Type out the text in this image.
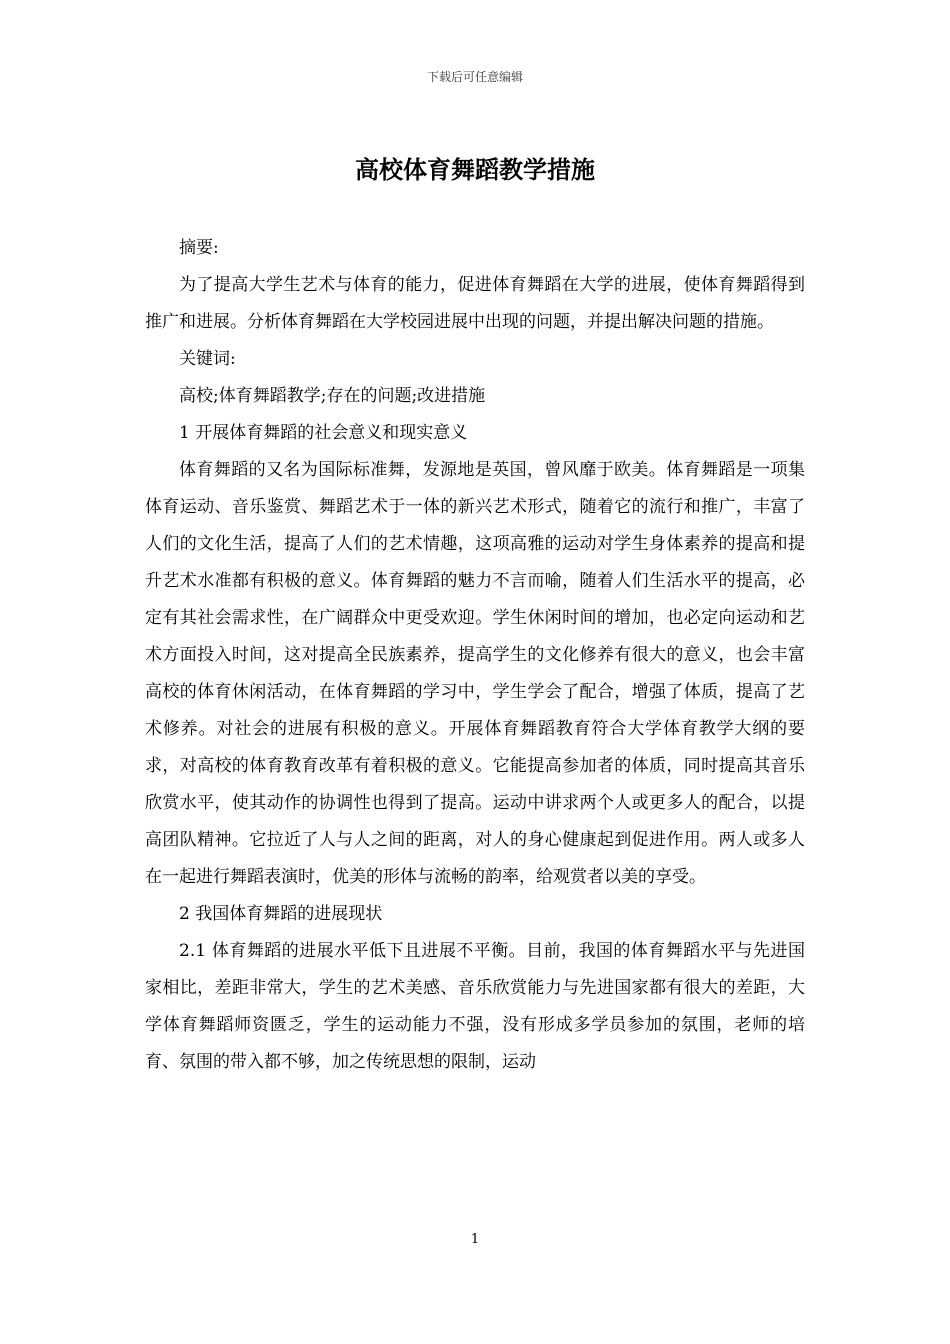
下载后可任意编辑
高校体育舞蹈教学措施

摘要:

为了提高大学生艺术与体育的能力，促进体育舞蹈在大学的进展，使体育舞蹈得到推广和进展。分析体育舞蹈在大学校园进展中出现的问题，并提出解决问题的措施。

关键词:

高校;体育舞蹈教学;存在的问题;改进措施

1 开展体育舞蹈的社会意义和现实意义

体育舞蹈的又名为国际标准舞，发源地是英国，曾风靡于欧美。体育舞蹈是一项集体育运动、音乐鉴赏、舞蹈艺术于一体的新兴艺术形式，随着它的流行和推广，丰富了人们的文化生活，提高了人们的艺术情趣，这项高雅的运动对学生身体素养的提高和提升艺术水准都有积极的意义。体育舞蹈的魅力不言而喻，随着人们生活水平的提高，必定有其社会需求性，在广阔群众中更受欢迎。学生休闲时间的增加，也必定向运动和艺术方面投入时间，这对提高全民族素养，提高学生的文化修养有很大的意义，也会丰富高校的体育休闲活动，在体育舞蹈的学习中，学生学会了配合，增强了体质，提高了艺术修养。对社会的进展有积极的意义。开展体育舞蹈教育符合大学体育教学大纲的要求，对高校的体育教育改革有着积极的意义。它能提高参加者的体质，同时提高其音乐欣赏水平，使其动作的协调性也得到了提高。运动中讲求两个人或更多人的配合，以提高团队精神。它拉近了人与人之间的距离，对人的身心健康起到促进作用。两人或多人在一起进行舞蹈表演时，优美的形体与流畅的韵率，给观赏者以美的享受。

2 我国体育舞蹈的进展现状

2.1 体育舞蹈的进展水平低下且进展不平衡。目前，我国的体育舞蹈水平与先进国家相比，差距非常大，学生的艺术美感、音乐欣赏能力与先进国家都有很大的差距，大学体育舞蹈师资匮乏，学生的运动能力不强，没有形成多学员参加的氛围，老师的培育、氛围的带入都不够，加之传统思想的限制，运动

1
